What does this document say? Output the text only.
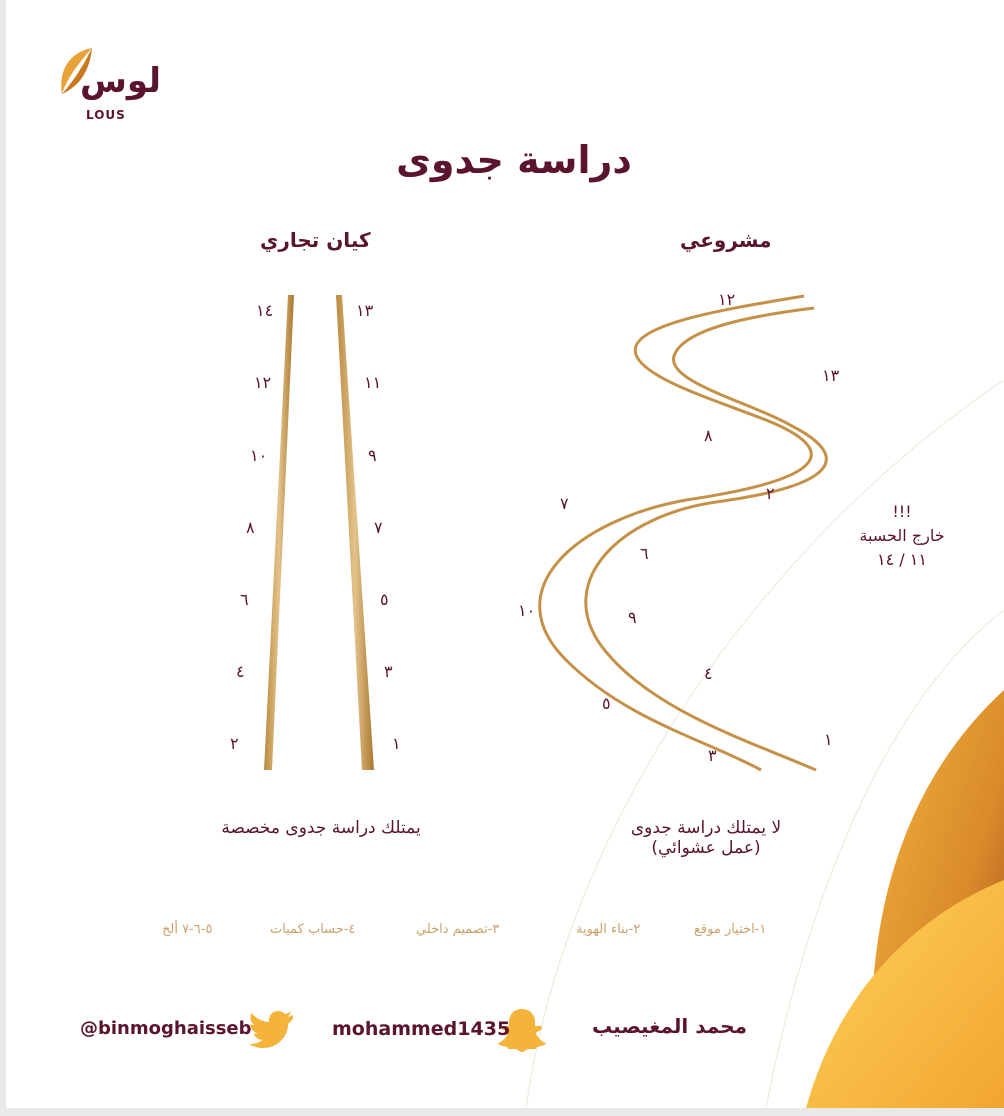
لوس
LOUS
دراسة جدوى
كيان تجاري	مشروعي
١٤
١٢
١٠
٨
٦
٤
٢
١٣
١١
٩
٧
٥
٣
١
١٢
١٣
٨
٢
٧
٦
١٠	٩
٤
٥
١
٣
!!!
خارج الحسبة
١١ / ١٤
يمتلك دراسة جدوى مخصصة	لا يمتلك دراسة جدوى
(عمل عشوائي)
١-اختيار موقع
٢-بناء الهوية
٣-تصميم داخلي
٤-حساب كميات
٥-٦-٧ ألخ
محمد المغيصيب
mohammed1435
@binmoghaisseb
